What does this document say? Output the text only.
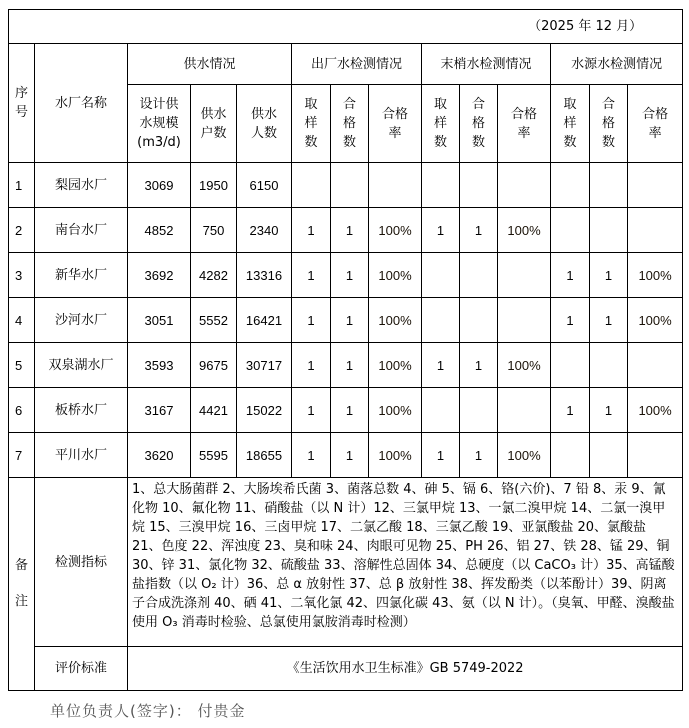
（2025 年 12 月）													
序号	水厂名称	供水情况			出厂水检测情况			末梢水检测情况			水源水检测情况		
		设计供水规模(m3/d)	供水户数	供水人数	取样数	合格数	合格率	取样数	合格数	合格率	取样数	合格数	合格率
1	梨园水厂	3069	1950	6150									
2	南台水厂	4852	750	2340	1	1	100%	1	1	100%			
3	新华水厂	3692	4282	13316	1	1	100%				1	1	100%
4	沙河水厂	3051	5552	16421	1	1	100%				1	1	100%
5	双泉湖水厂	3593	9675	30717	1	1	100%	1	1	100%			
6	板桥水厂	3167	4421	15022	1	1	100%				1	1	100%
7	平川水厂	3620	5595	18655	1	1	100%	1	1	100%			
备注	检测指标	1、总大肠菌群 2、大肠埃希氏菌 3、菌落总数 4、砷 5、镉 6、铬(六价)、7 铅 8、汞 9、氰化物 10、氟化物 11、硝酸盐（以 N 计）12、三氯甲烷 13、一氯二溴甲烷 14、二氯一溴甲烷 15、三溴甲烷 16、三卤甲烷 17、二氯乙酸 18、三氯乙酸 19、亚氯酸盐 20、氯酸盐 21、色度 22、浑浊度 23、臭和味 24、肉眼可见物 25、PH 26、铝 27、铁 28、锰 29、铜 30、锌 31、氯化物 32、硫酸盐 33、溶解性总固体 34、总硬度（以 CaCO₃ 计）35、高锰酸盐指数（以 O₂ 计）36、总 α 放射性 37、总 β 放射性 38、挥发酚类（以苯酚计）39、阴离子合成洗涤剂 40、硒 41、二氧化氯 42、四氯化碳 43、氨（以 N 计）。（臭氧、甲醛、溴酸盐使用 O₃ 消毒时检验、总氯使用氯胺消毒时检测）											
	评价标准	《生活饮用水卫生标准》GB 5749-2022											
单位负责人(签字)： 付贵金
